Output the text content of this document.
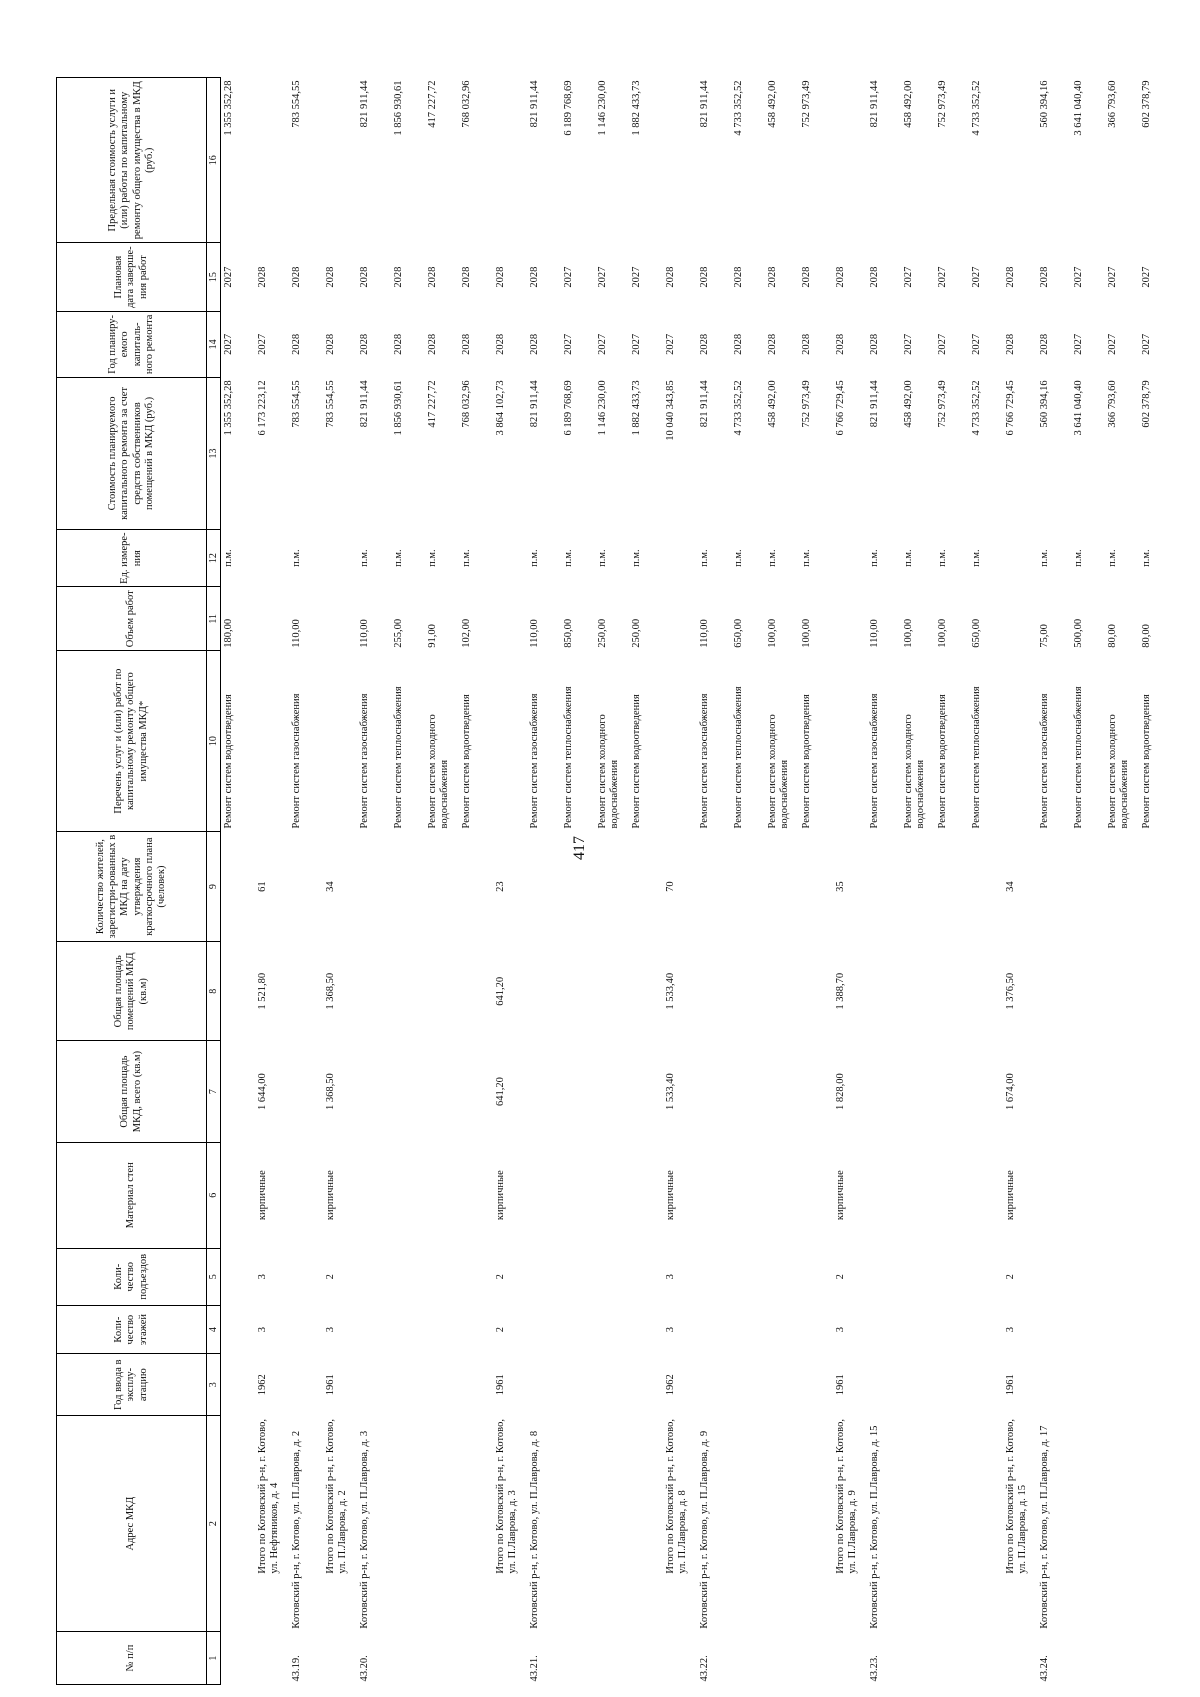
417
№ п/п	Адрес МКД	Год ввода в эксплу-атацию	Коли-чество этажей	Коли-чество подъездов	Материал стен	Общая площадь МКД, всего (кв.м)	Общая площадь помещений МКД (кв.м)	Количество жителей, зарегистри-рованных в МКД на дату утверждения краткосрочного плана (человек)	Перечень услуг и (или) работ по капитальному ремонту общего имущества МКД*	Объем работ	Ед. измере-ния	Стоимость планируемого капитального ремонта за счет средств собственников помещений в МКД (руб.)	Год планиру-емого капиталь-ного ремонта	Плановая дата заверше-ния работ	Предельная стоимость услуги и (или) работы по капитальному ремонту общего имущества в МКД (руб.)
1	2	3	4	5	6	7	8	9	10	11	12	13	14	15	16
									Ремонт систем водоотведения	180,00	п.м.	1 355 352,28	2027	2027	1 355 352,28
	Итого по Котовский р-н, г. Котово, ул. Нефтяников, д. 4	1962	3	3	кирпичные	1 644,00	1 521,80	61				6 173 223,12	2027	2028	
43.19.	Котовский р-н, г. Котово, ул. П.Лаврова, д. 2								Ремонт систем газоснабжения	110,00	п.м.	783 554,55	2028	2028	783 554,55
	Итого по Котовский р-н, г. Котово, ул. П.Лаврова, д. 2	1961	3	2	кирпичные	1 368,50	1 368,50	34				783 554,55	2028	2028	
43.20.	Котовский р-н, г. Котово, ул. П.Лаврова, д. 3								Ремонт систем газоснабжения	110,00	п.м.	821 911,44	2028	2028	821 911,44
									Ремонт систем теплоснабжения	255,00	п.м.	1 856 930,61	2028	2028	1 856 930,61
									Ремонт систем холодного водоснабжения	91,00	п.м.	417 227,72	2028	2028	417 227,72
									Ремонт систем водоотведения	102,00	п.м.	768 032,96	2028	2028	768 032,96
	Итого по Котовский р-н, г. Котово, ул. П.Лаврова, д. 3	1961	2	2	кирпичные	641,20	641,20	23				3 864 102,73	2028	2028	
43.21.	Котовский р-н, г. Котово, ул. П.Лаврова, д. 8								Ремонт систем газоснабжения	110,00	п.м.	821 911,44	2028	2028	821 911,44
									Ремонт систем теплоснабжения	850,00	п.м.	6 189 768,69	2027	2027	6 189 768,69
									Ремонт систем холодного водоснабжения	250,00	п.м.	1 146 230,00	2027	2027	1 146 230,00
									Ремонт систем водоотведения	250,00	п.м.	1 882 433,73	2027	2027	1 882 433,73
	Итого по Котовский р-н, г. Котово, ул. П.Лаврова, д. 8	1962	3	3	кирпичные	1 533,40	1 533,40	70				10 040 343,85	2027	2028	
43.22.	Котовский р-н, г. Котово, ул. П.Лаврова, д. 9								Ремонт систем газоснабжения	110,00	п.м.	821 911,44	2028	2028	821 911,44
									Ремонт систем теплоснабжения	650,00	п.м.	4 733 352,52	2028	2028	4 733 352,52
									Ремонт систем холодного водоснабжения	100,00	п.м.	458 492,00	2028	2028	458 492,00
									Ремонт систем водоотведения	100,00	п.м.	752 973,49	2028	2028	752 973,49
	Итого по Котовский р-н, г. Котово, ул. П.Лаврова, д. 9	1961	3	2	кирпичные	1 828,00	1 388,70	35				6 766 729,45	2028	2028	
43.23.	Котовский р-н, г. Котово, ул. П.Лаврова, д. 15								Ремонт систем газоснабжения	110,00	п.м.	821 911,44	2028	2028	821 911,44
									Ремонт систем холодного водоснабжения	100,00	п.м.	458 492,00	2027	2027	458 492,00
									Ремонт систем водоотведения	100,00	п.м.	752 973,49	2027	2027	752 973,49
									Ремонт систем теплоснабжения	650,00	п.м.	4 733 352,52	2027	2027	4 733 352,52
	Итого по Котовский р-н, г. Котово, ул. П.Лаврова, д. 15	1961	3	2	кирпичные	1 674,00	1 376,50	34				6 766 729,45	2028	2028	
43.24.	Котовский р-н, г. Котово, ул. П.Лаврова, д. 17								Ремонт систем газоснабжения	75,00	п.м.	560 394,16	2028	2028	560 394,16
									Ремонт систем теплоснабжения	500,00	п.м.	3 641 040,40	2027	2027	3 641 040,40
									Ремонт систем холодного водоснабжения	80,00	п.м.	366 793,60	2027	2027	366 793,60
									Ремонт систем водоотведения	80,00	п.м.	602 378,79	2027	2027	602 378,79
